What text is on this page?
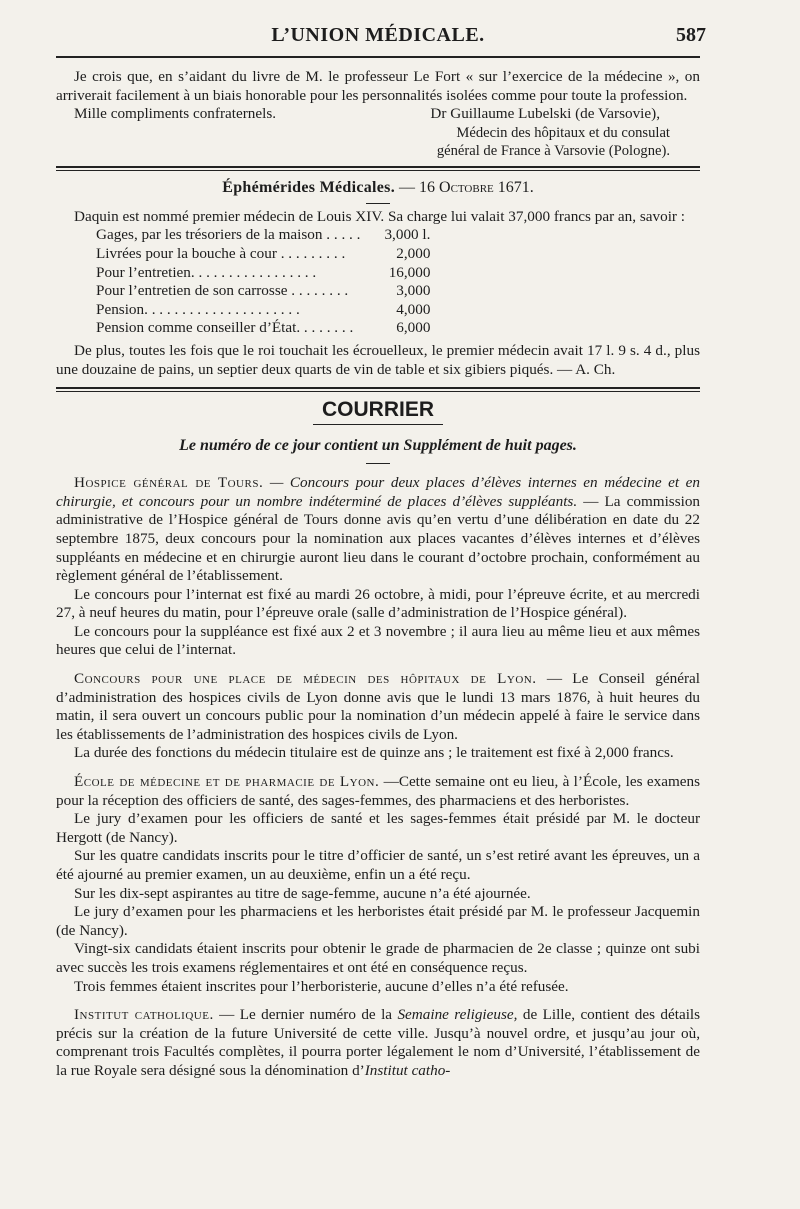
L’UNION MÉDICALE.	587

Je crois que, en s’aidant du livre de M. le professeur Le Fort « sur l’exercice de la médecine », on arriverait facilement à un biais honorable pour les personnalités isolées comme pour toute la profession.

Mille compliments confraternels.	Dr Guillaume Lubelski (de Varsovie),
Médecin des hôpitaux et du consulat
général de France à Varsovie (Pologne).
Éphémérides Médicales. — 16 Octobre 1671.

Daquin est nommé premier médecin de Louis XIV. Sa charge lui valait 37,000 francs par an, savoir :

Gages, par les trésoriers de la maison . . . . .	3,000 l.
Livrées pour la bouche à cour . . . . . . . . .	2,000
Pour l’entretien. . . . . . . . . . . . . . . . .	16,000
Pour l’entretien de son carrosse . . . . . . . .	3,000
Pension. . . . . . . . . . . . . . . . . . . . .	4,000
Pension comme conseiller d’État. . . . . . . .	6,000

De plus, toutes les fois que le roi touchait les écrouelleux, le premier médecin avait 17 l. 9 s. 4 d., plus une douzaine de pains, un septier deux quarts de vin de table et six gibiers piqués. — A. Ch.

COURRIER
Le numéro de ce jour contient un Supplément de huit pages.

Hospice général de Tours. — Concours pour deux places d’élèves internes en médecine et en chirurgie, et concours pour un nombre indéterminé de places d’élèves suppléants. — La commission administrative de l’Hospice général de Tours donne avis qu’en vertu d’une délibération en date du 22 septembre 1875, deux concours pour la nomination aux places vacantes d’élèves internes et d’élèves suppléants en médecine et en chirurgie auront lieu dans le courant d’octobre prochain, conformément au règlement général de l’établissement.

Le concours pour l’internat est fixé au mardi 26 octobre, à midi, pour l’épreuve écrite, et au mercredi 27, à neuf heures du matin, pour l’épreuve orale (salle d’administration de l’Hospice général).

Le concours pour la suppléance est fixé aux 2 et 3 novembre ; il aura lieu au même lieu et aux mêmes heures que celui de l’internat.

Concours pour une place de médecin des hôpitaux de Lyon. — Le Conseil général d’administration des hospices civils de Lyon donne avis que le lundi 13 mars 1876, à huit heures du matin, il sera ouvert un concours public pour la nomination d’un médecin appelé à faire le service dans les établissements de l’administration des hospices civils de Lyon.

La durée des fonctions du médecin titulaire est de quinze ans ; le traitement est fixé à 2,000 francs.

École de médecine et de pharmacie de Lyon. —Cette semaine ont eu lieu, à l’École, les examens pour la réception des officiers de santé, des sages-femmes, des pharmaciens et des herboristes.

Le jury d’examen pour les officiers de santé et les sages-femmes était présidé par M. le docteur Hergott (de Nancy).

Sur les quatre candidats inscrits pour le titre d’officier de santé, un s’est retiré avant les épreuves, un a été ajourné au premier examen, un au deuxième, enfin un a été reçu.

Sur les dix-sept aspirantes au titre de sage-femme, aucune n’a été ajournée.

Le jury d’examen pour les pharmaciens et les herboristes était présidé par M. le professeur Jacquemin (de Nancy).

Vingt-six candidats étaient inscrits pour obtenir le grade de pharmacien de 2e classe ; quinze ont subi avec succès les trois examens réglementaires et ont été en conséquence reçus.

Trois femmes étaient inscrites pour l’herboristerie, aucune d’elles n’a été refusée.

Institut catholique. — Le dernier numéro de la Semaine religieuse, de Lille, contient des détails précis sur la création de la future Université de cette ville. Jusqu’à nouvel ordre, et jusqu’au jour où, comprenant trois Facultés complètes, il pourra porter légalement le nom d’Université, l’établissement de la rue Royale sera désigné sous la dénomination d’Institut catho-
